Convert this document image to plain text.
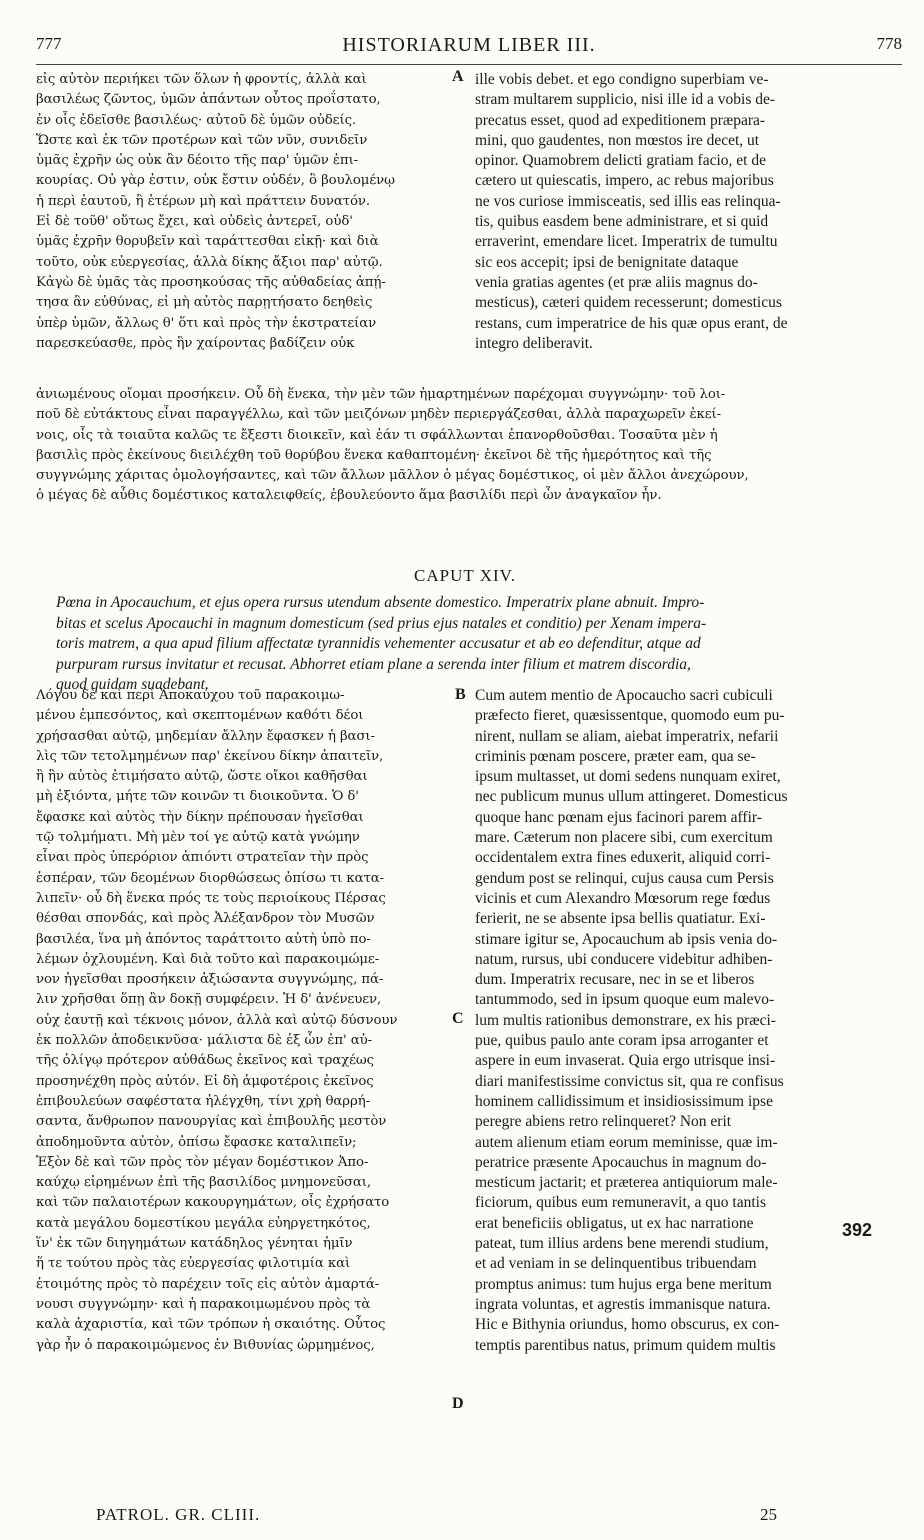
777	HISTORIARUM LIBER III.	778
εἰς αὐτὸν περιήκει τῶν ὅλων ἡ φροντίς, ἀλλὰ καὶ
βασιλέως ζῶντος, ὑμῶν ἁπάντων οὗτος προΐστατο,
ἐν οἷς ἐδεῖσθε βασιλέως· αὐτοῦ δὲ ὑμῶν οὐδείς.
Ὥστε καὶ ἐκ τῶν προτέρων καὶ τῶν νῦν, συνιδεῖν
ὑμᾶς ἐχρῆν ὡς οὐκ ἂν δέοιτο τῆς παρ' ὑμῶν ἐπι-
κουρίας. Οὐ γὰρ ἐστιν, οὐκ ἔστιν οὐδέν, ὃ βουλομένῳ
ἡ περὶ ἑαυτοῦ, ἢ ἑτέρων μὴ καὶ πράττειν δυνατόν.
Εἰ δὲ τοῦθ' οὕτως ἔχει, καὶ οὐδεὶς ἀντερεῖ, οὐδ'
ὑμᾶς ἐχρῆν θορυβεῖν καὶ ταράττεσθαι εἰκῇ· καὶ διὰ
τοῦτο, οὐκ εὐεργεσίας, ἀλλὰ δίκης ἄξιοι παρ' αὐτῷ.
Κἀγὼ δὲ ὑμᾶς τὰς προσηκούσας τῆς αὐθαδείας ἀπῄ-
τησα ἂν εὐθύνας, εἰ μὴ αὐτὸς παρῃτήσατο δεηθεὶς
ὑπὲρ ὑμῶν, ἄλλως θ' ὅτι καὶ πρὸς τὴν ἐκστρατείαν
παρεσκεύασθε, πρὸς ἣν χαίροντας βαδίζειν οὐκ
A ille vobis debet. et ego condigno superbiam ve-
stram multarem supplicio, nisi ille id a vobis de-
precatus esset, quod ad expeditionem præpara-
mini, quo gaudentes, non mœstos ire decet, ut
opinor. Quamobrem delicti gratiam facio, et de
cætero ut quiescatis, impero, ac rebus majoribus
ne vos curiose immisceatis, sed illis eas relinqua-
tis, quibus easdem bene administrare, et si quid
erraverint, emendare licet. Imperatrix de tumultu
sic eos accepit; ipsi de benignitate dataque
venia gratias agentes (et præ aliis magnus do-
mesticus), cæteri quidem recesserunt; domesticus
restans, cum imperatrice de his quæ opus erant, de
integro deliberavit.
ἀνιωμένους οἴομαι προσήκειν. Οὗ δὴ ἕνεκα, τὴν μὲν τῶν ἡμαρτημένων παρέχομαι συγγνώμην· τοῦ λοι-
ποῦ δὲ εὐτάκτους εἶναι παραγγέλλω, καὶ τῶν μειζόνων μηδὲν περιεργάζεσθαι, ἀλλὰ παραχωρεῖν ἐκεί-
νοις, οἷς τὰ τοιαῦτα καλῶς τε ἔξεστι διοικεῖν, καὶ ἐάν τι σφάλλωνται ἐπανορθοῦσθαι. Τοσαῦτα μὲν ἡ
βασιλὶς πρὸς ἐκείνους διειλέχθη τοῦ θορύβου ἕνεκα καθαπτομένη· ἐκεῖνοι δὲ τῆς ἡμερότητος καὶ τῆς
συγγνώμης χάριτας ὁμολογήσαντες, καὶ τῶν ἄλλων μᾶλλον ὁ μέγας δομέστικος, οἱ μὲν ἄλλοι ἀνεχώρουν,
ὁ μέγας δὲ αὖθις δομέστικος καταλειφθείς, ἐβουλεύοντο ἅμα βασιλίδι περὶ ὧν ἀναγκαῖον ἦν.
CAPUT XIV.
Pœna in Apocauchum, et ejus opera rursus utendum absente domestico. Imperatrix plane abnuit. Impro-
bitas et scelus Apocauchi in magnum domesticum (sed prius ejus natales et conditio) per Xenam impera-
toris matrem, a qua apud filium affectatæ tyrannidis vehementer accusatur et ab eo defenditur, atque ad
purpuram rursus invitatur et recusat. Abhorret etiam plane a serenda inter filium et matrem discordia,
quod quidam suadebant.
Λόγου δὲ καὶ περὶ Ἀποκαύχου τοῦ παρακοιμω-
μένου ἐμπεσόντος, καὶ σκεπτομένων καθότι δέοι
χρήσασθαι αὐτῷ, μηδεμίαν ἄλλην ἔφασκεν ἡ βασι-
λὶς τῶν τετολμημένων παρ' ἐκείνου δίκην ἀπαιτεῖν,
ἢ ἣν αὐτὸς ἐτιμήσατο αὐτῷ, ὥστε οἴκοι καθῆσθαι
μὴ ἐξιόντα, μήτε τῶν κοινῶν τι διοικοῦντα. Ὁ δ'
ἔφασκε καὶ αὐτὸς τὴν δίκην πρέπουσαν ἡγεῖσθαι
τῷ τολμήματι. Μὴ μὲν τοί γε αὐτῷ κατὰ γνώμην
εἶναι πρὸς ὑπερόριον ἀπιόντι στρατεῖαν τὴν πρὸς
ἑσπέραν, τῶν δεομένων διορθώσεως ὀπίσω τι κατα-
λιπεῖν· οὗ δὴ ἕνεκα πρός τε τοὺς περιοίκους Πέρσας
θέσθαι σπονδάς, καὶ πρὸς Ἀλέξανδρον τὸν Μυσῶν
βασιλέα, ἵνα μὴ ἀπόντος ταράττοιτο αὐτὴ ὑπὸ πο-
λέμων ὀχλουμένη. Καὶ διὰ τοῦτο καὶ παρακοιμώμε-
νον ἡγεῖσθαι προσήκειν ἀξιώσαντα συγγνώμης, πά-
λιν χρῆσθαι ὅπῃ ἂν δοκῇ συμφέρειν. Ἡ δ' ἀνένευεν,
οὐχ ἑαυτῇ καὶ τέκνοις μόνον, ἀλλὰ καὶ αὐτῷ δύσνουν
ἐκ πολλῶν ἀποδεικνῦσα· μάλιστα δὲ ἐξ ὧν ἐπ' αὐ-
τῆς ὀλίγῳ πρότερον αὐθάδως ἐκεῖνος καὶ τραχέως
προσηνέχθη πρὸς αὐτόν. Εἰ δὴ ἀμφοτέροις ἐκεῖνος
ἐπιβουλεύων σαφέστατα ἠλέγχθη, τίνι χρὴ θαρρή-
σαντα, ἄνθρωπον πανουργίας καὶ ἐπιβουλῆς μεστὸν
ἀποδημοῦντα αὐτὸν, ὀπίσω ἔφασκε καταλιπεῖν;
Ἐξὸν δὲ καὶ τῶν πρὸς τὸν μέγαν δομέστικον Ἀπο-
καύχῳ εἰρημένων ἐπὶ τῆς βασιλίδος μνημονεῦσαι,
καὶ τῶν παλαιοτέρων κακουργημάτων, οἷς ἐχρήσατο
κατὰ μεγάλου δομεστίκου μεγάλα εὐηργετηκότος,
ἵν' ἐκ τῶν διηγημάτων κατάδηλος γένηται ἡμῖν
ἥ τε τούτου πρὸς τὰς εὐεργεσίας φιλοτιμία καὶ
ἑτοιμότης πρὸς τὸ παρέχειν τοῖς εἰς αὐτὸν ἁμαρτά-
νουσι συγγνώμην· καὶ ἡ παρακοιμωμένου πρὸς τὰ
καλὰ ἀχαριστία, καὶ τῶν τρόπων ἡ σκαιότης. Οὗτος
γὰρ ἦν ὁ παρακοιμώμενος ἐν Βιθυνίας ὡρμημένος,
B
C
D
Cum autem mentio de Apocaucho sacri cubiculi
præfecto fieret, quæsissentque, quomodo eum pu-
nirent, nullam se aliam, aiebat imperatrix, nefarii
criminis pœnam poscere, præter eam, qua se-
ipsum multasset, ut domi sedens nunquam exiret,
nec publicum munus ullum attingeret. Domesticus
quoque hanc pœnam ejus facinori parem affir-
mare. Cæterum non placere sibi, cum exercitum
occidentalem extra fines eduxerit, aliquid corri-
gendum post se relinqui, cujus causa cum Persis
vicinis et cum Alexandro Mœsorum rege fœdus
ferierit, ne se absente ipsa bellis quatiatur. Exi-
stimare igitur se, Apocauchum ab ipsis venia do-
natum, rursus, ubi conducere videbitur adhiben-
dum. Imperatrix recusare, nec in se et liberos
tantummodo, sed in ipsum quoque eum malevo-
lum multis rationibus demonstrare, ex his præci-
pue, quibus paulo ante coram ipsa arroganter et
aspere in eum invaserat. Quia ergo utrisque insi-
diari manifestissime convictus sit, qua re confisus
hominem callidissimum et insidiosissimum ipse
peregre abiens retro relinqueret? Non erit
autem alienum etiam eorum meminisse, quæ im-
peratrice præsente Apocauchus in magnum do-
mesticum jactarit; et præterea antiquiorum male-
ficiorum, quibus eum remuneravit, a quo tantis
erat beneficiis obligatus, ut ex hac narratione
pateat, tum illius ardens bene merendi studium,
et ad veniam in se delinquentibus tribuendam
promptus animus: tum hujus erga bene meritum
ingrata voluntas, et agrestis immanisque natura.
Hic e Bithynia oriundus, homo obscurus, ex con-
temptis parentibus natus, primum quidem multis
392
PATROL. GR. CLIII.	25
